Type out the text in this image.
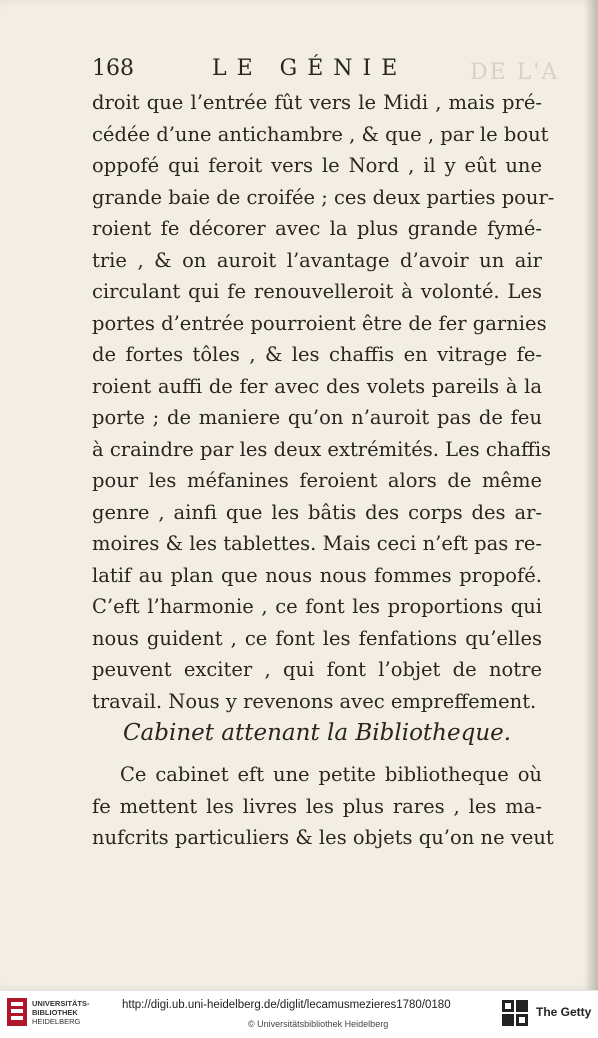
DE L'A
168	LE GÉNIE
droit que l’entrée fût vers le Midi , mais pré-
cédée d’une antichambre , & que , par le bout
oppofé qui feroit vers le Nord , il y eût une
grande baie de croifée ; ces deux parties pour-
roient fe décorer avec la plus grande fymé-
trie , & on auroit l’avantage d’avoir un air
circulant qui fe renouvelleroit à volonté. Les
portes d’entrée pourroient être de fer garnies
de fortes tôles , & les chaffis en vitrage fe-
roient auffi de fer avec des volets pareils à la
porte ; de maniere qu’on n’auroit pas de feu
à craindre par les deux extrémités. Les chaffis
pour les méfanines feroient alors de même
genre , ainfi que les bâtis des corps des ar-
moires & les tablettes. Mais ceci n’eft pas re-
latif au plan que nous nous fommes propofé.
C’eft l’harmonie , ce font les proportions qui
nous guident , ce font les fenfations qu’elles
peuvent exciter , qui font l’objet de notre
travail. Nous y revenons avec empreffement.
Cabinet attenant la Bibliotheque.
Ce cabinet eft une petite bibliotheque où
fe mettent les livres les plus rares , les ma-
nufcrits particuliers & les objets qu’on ne veut
UNIVERSITÄTS-
BIBLIOTHEK
HEIDELBERG
http://digi.ub.uni-heidelberg.de/diglit/lecamusmezieres1780/0180
© Universitätsbibliothek Heidelberg
The Getty
